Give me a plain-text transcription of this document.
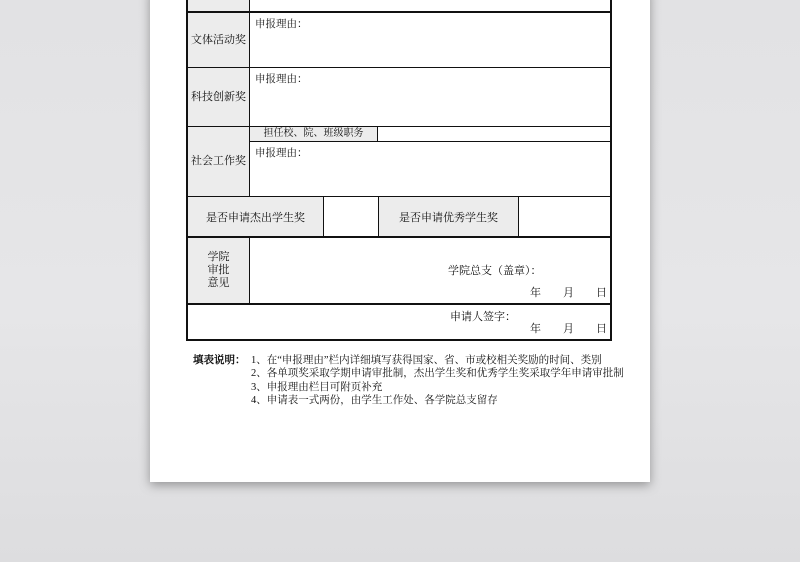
文体活动奖
申报理由：
科技创新奖
申报理由：
社会工作奖
担任校、院、班级职务
申报理由：
是否申请杰出学生奖	是否申请优秀学生奖
学院
审批
意见
学院总支（盖章）：
年　　月　　日
申请人签字：
年　　月　　日
填表说明： 1、在“申报理由”栏内详细填写获得国家、省、市或校相关奖励的时间、类别
2、各单项奖采取学期申请审批制，杰出学生奖和优秀学生奖采取学年申请审批制
3、申报理由栏目可附页补充
4、申请表一式两份，由学生工作处、各学院总支留存
